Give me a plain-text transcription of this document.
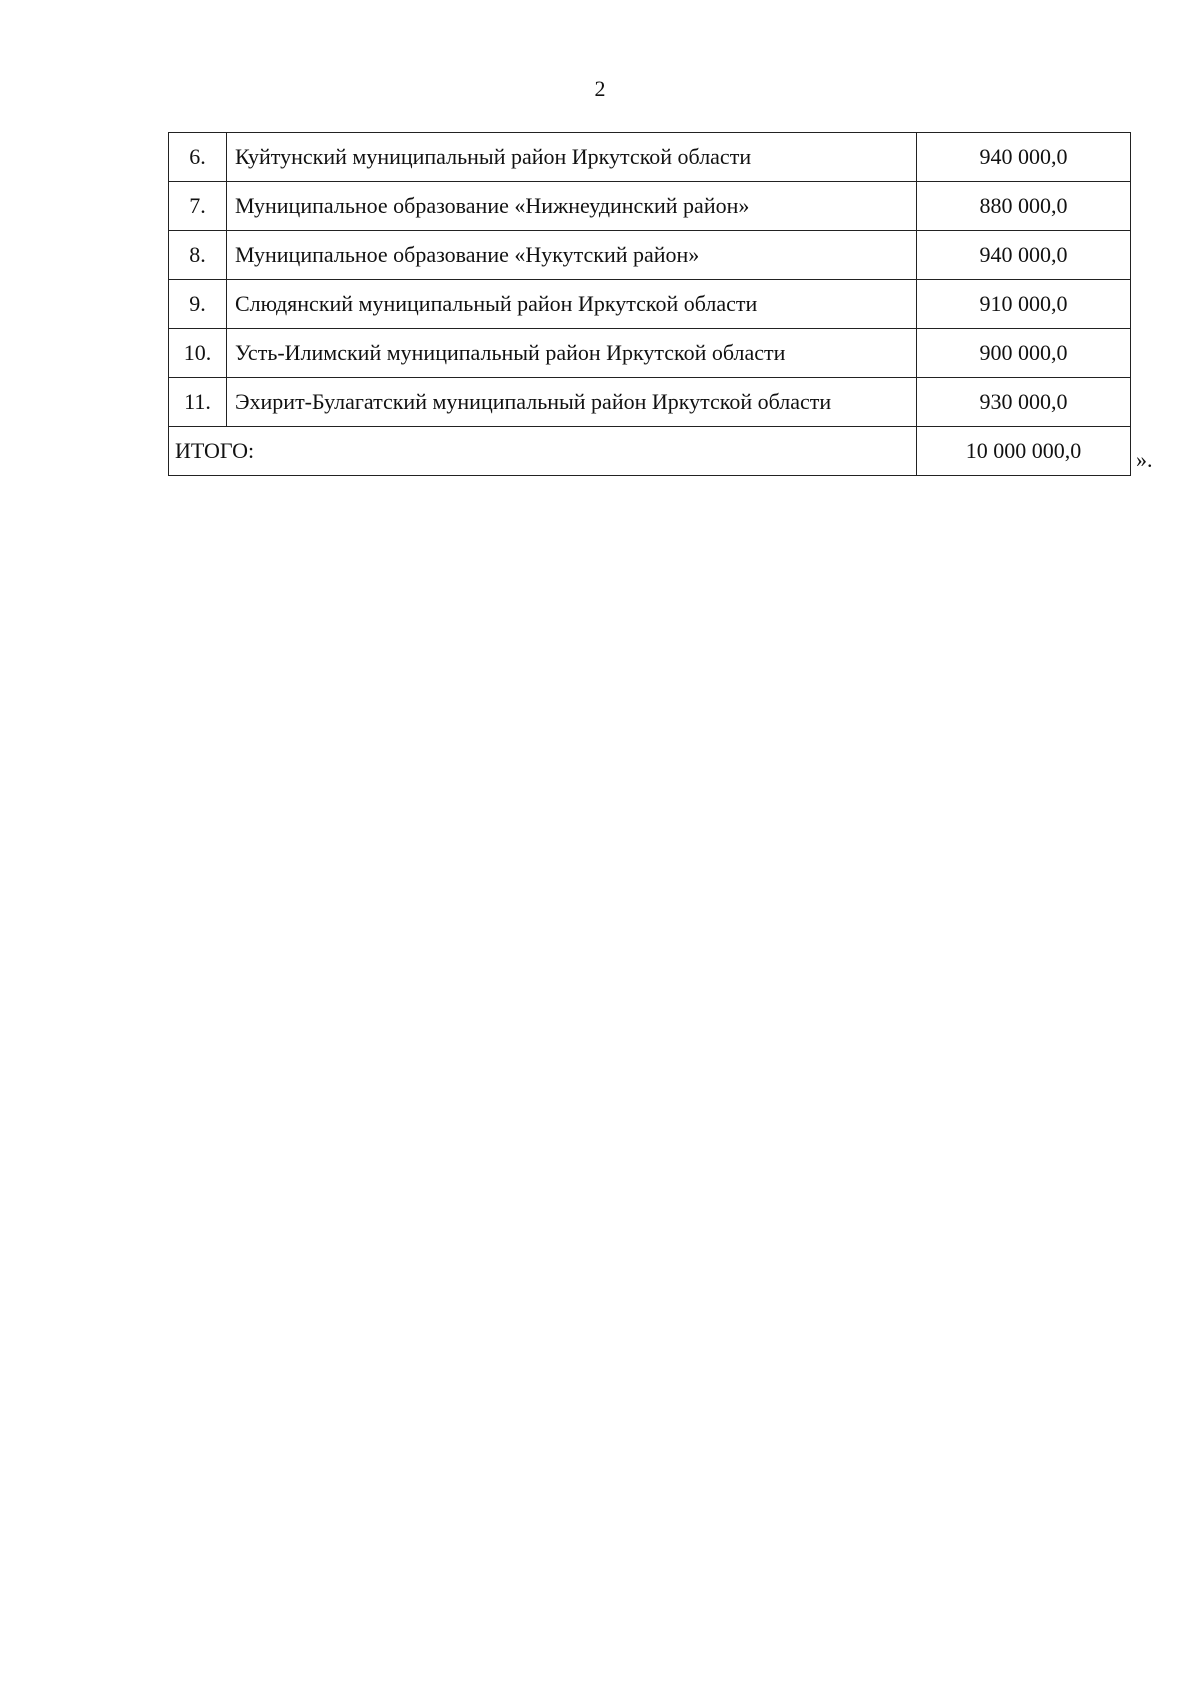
2
6.	Куйтунский муниципальный район Иркутской области	940 000,0
7.	Муниципальное образование «Нижнеудинский район»	880 000,0
8.	Муниципальное образование «Нукутский район»	940 000,0
9.	Слюдянский муниципальный район Иркутской области	910 000,0
10.	Усть-Илимский муниципальный район Иркутской области	900 000,0
11.	Эхирит-Булагатский муниципальный район Иркутской области	930 000,0
ИТОГО:		10 000 000,0 ».
